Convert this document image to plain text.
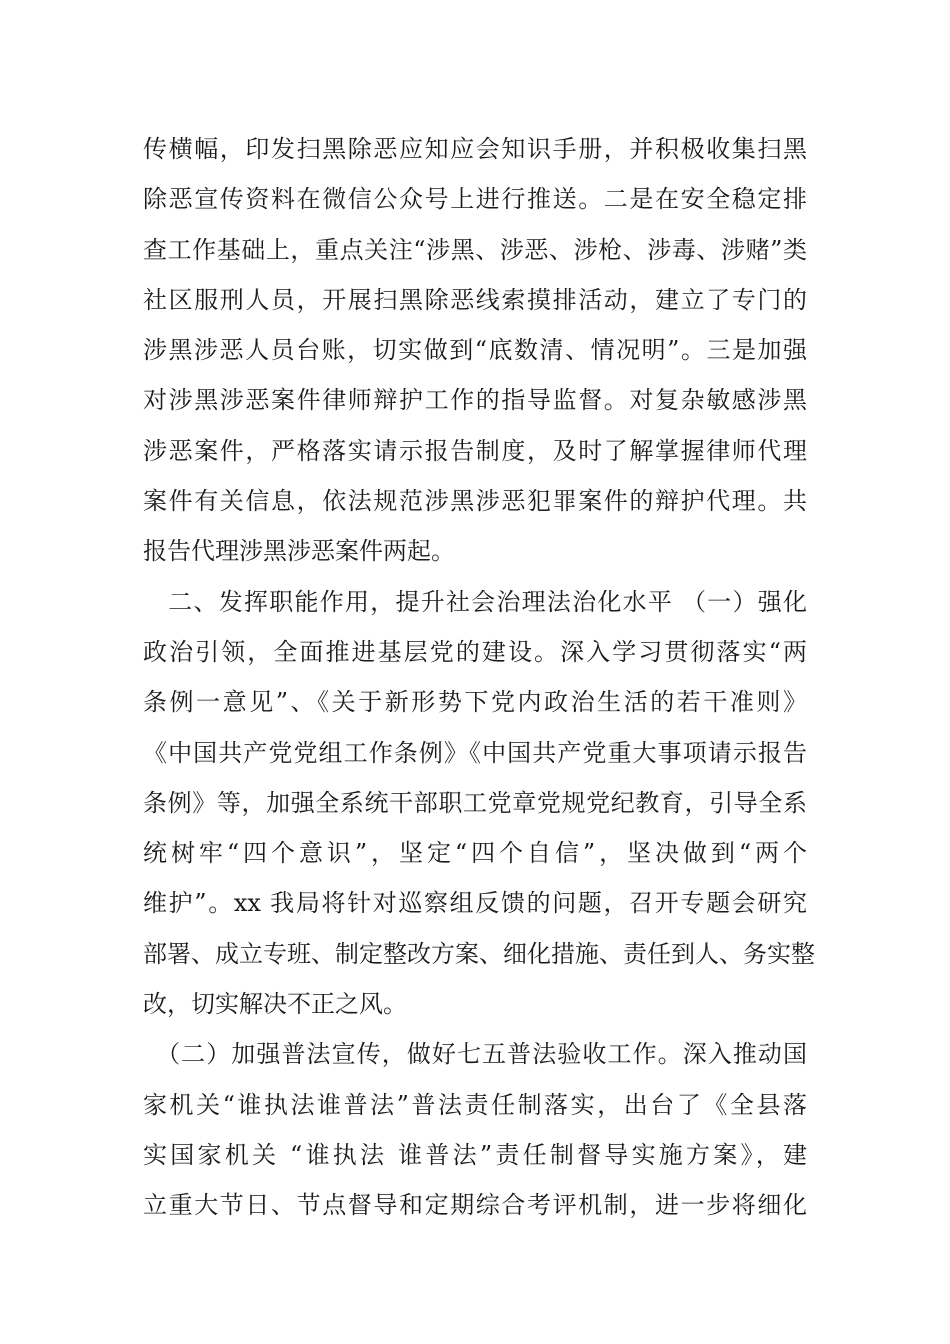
传横幅，印发扫黑除恶应知应会知识手册，并积极收集扫黑
除恶宣传资料在微信公众号上进行推送。二是在安全稳定排
查工作基础上，重点关注“涉黑、涉恶、涉枪、涉毒、涉赌”类
社区服刑人员，开展扫黑除恶线索摸排活动，建立了专门的
涉黑涉恶人员台账，切实做到“底数清、情况明”。三是加强
对涉黑涉恶案件律师辩护工作的指导监督。对复杂敏感涉黑
涉恶案件，严格落实请示报告制度，及时了解掌握律师代理
案件有关信息，依法规范涉黑涉恶犯罪案件的辩护代理。共
报告代理涉黑涉恶案件两起。
　二、发挥职能作用，提升社会治理法治化水平 （一）强化
政治引领，全面推进基层党的建设。深入学习贯彻落实“两
条例一意见”、《关于新形势下党内政治生活的若干准则》
《中国共产党党组工作条例》《中国共产党重大事项请示报告
条例》等，加强全系统干部职工党章党规党纪教育，引导全系
统树牢“四个意识”，坚定“四个自信”，坚决做到“两个
维护”。xx 我局将针对巡察组反馈的问题，召开专题会研究
部署、成立专班、制定整改方案、细化措施、责任到人、务实整
改，切实解决不正之风。
　（二）加强普法宣传，做好七五普法验收工作。深入推动国
家机关“谁执法谁普法”普法责任制落实，出台了《全县落
实国家机关 “谁执法 谁普法”责任制督导实施方案》，建
立重大节日、节点督导和定期综合考评机制，进一步将细化
